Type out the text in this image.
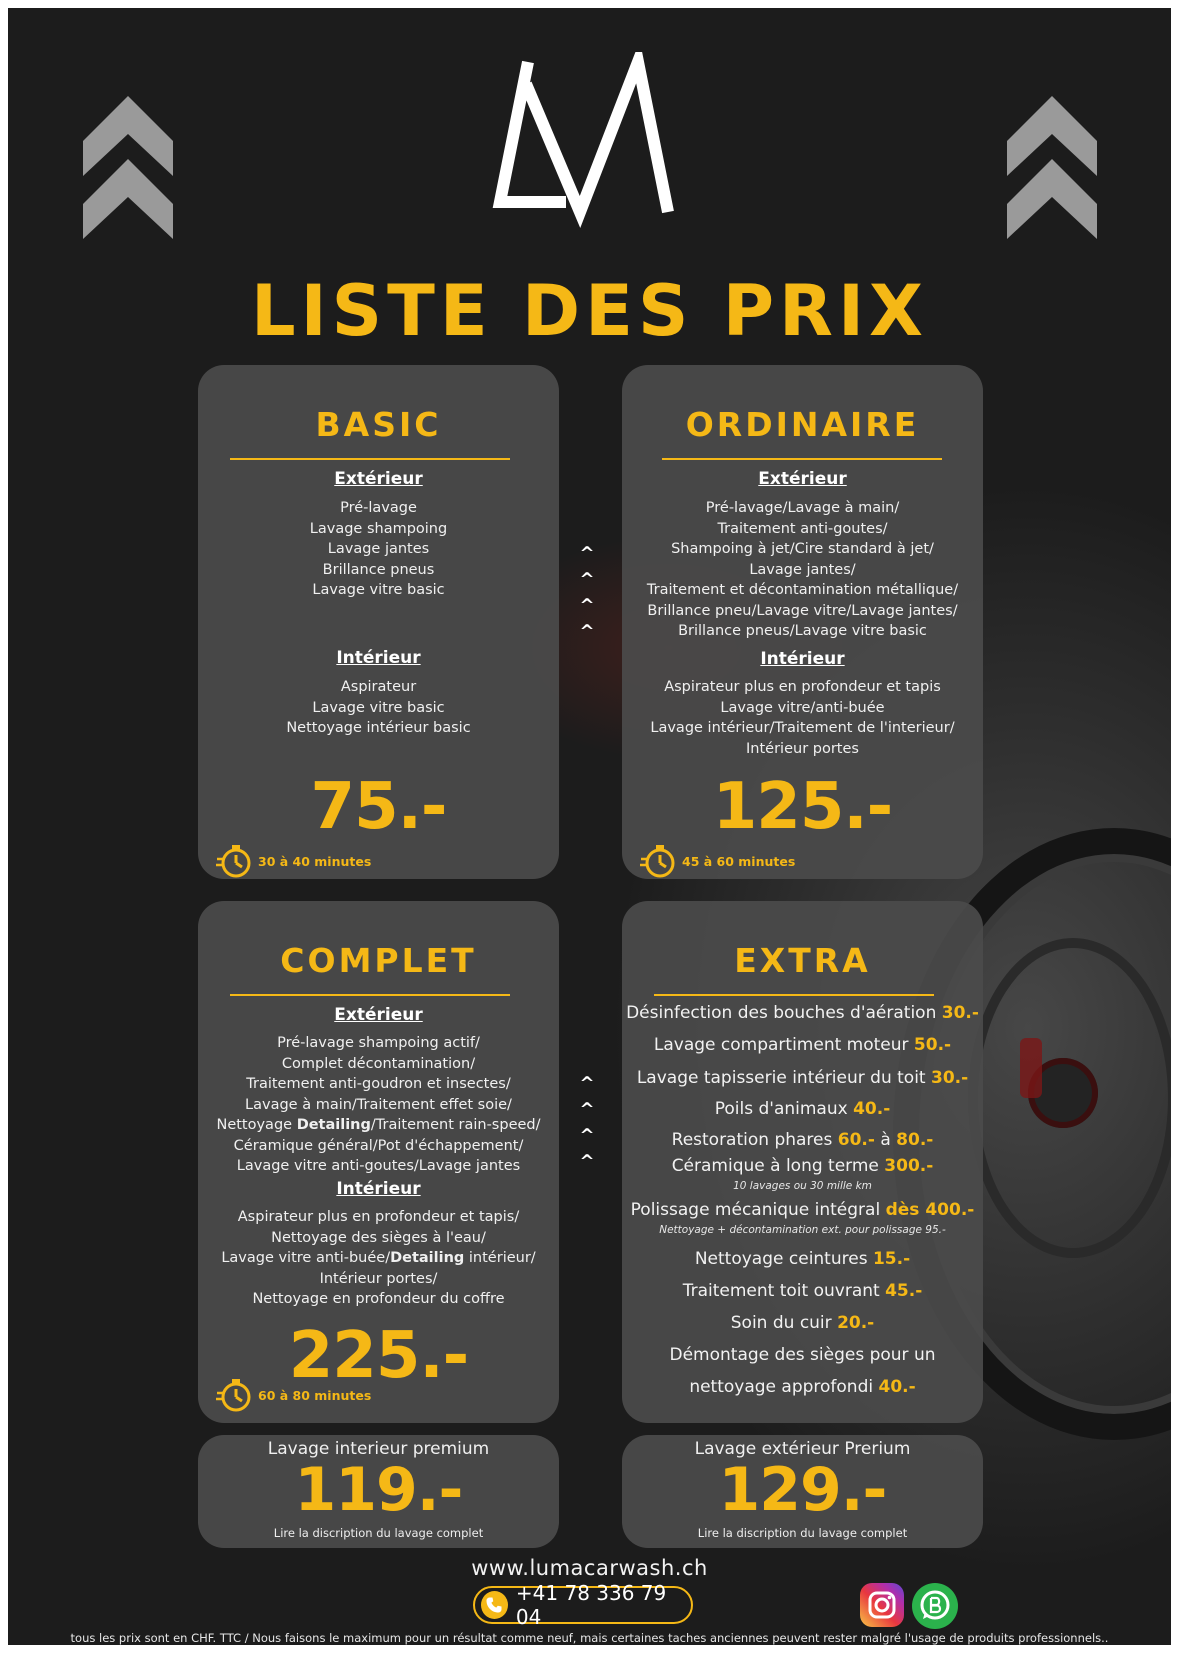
LISTE DES PRIX
BASIC
Extérieur
Pré-lavage
Lavage shampoing
Lavage jantes
Brillance pneus
Lavage vitre basic
Intérieur
Aspirateur
Lavage vitre basic
Nettoyage intérieur basic
75.-
30 à 40 minutes
ORDINAIRE
Extérieur
Pré-lavage/Lavage à main/
Traitement anti-goutes/
Shampoing à jet/Cire standard à jet/
Lavage jantes/
Traitement et décontamination métallique/
Brillance pneu/Lavage vitre/Lavage jantes/
Brillance pneus/Lavage vitre basic
Intérieur
Aspirateur plus en profondeur et tapis
Lavage vitre/anti-buée
Lavage intérieur/Traitement de l'interieur/
Intérieur portes
125.-
45 à 60 minutes
^
^
^
^
COMPLET
Extérieur
Pré-lavage shampoing actif/
Complet décontamination/
Traitement anti-goudron et insectes/
Lavage à main/Traitement effet soie/
Nettoyage Detailing/Traitement rain-speed/
Céramique général/Pot d'échappement/
Lavage vitre anti-goutes/Lavage jantes
Intérieur
Aspirateur plus en profondeur et tapis/
Nettoyage des sièges à l'eau/
Lavage vitre anti-buée/Detailing intérieur/
Intérieur portes/
Nettoyage en profondeur du coffre
225.-
60 à 80 minutes
^
^
^
^
EXTRA
Désinfection des bouches d'aération 30.-
Lavage compartiment moteur 50.-
Lavage tapisserie intérieur du toit 30.-
Poils d'animaux 40.-
Restoration phares 60.- à 80.-
Céramique à long terme 300.-
10 lavages ou 30 mille km
Polissage mécanique intégral dès 400.-
Nettoyage + décontamination ext. pour polissage 95.-
Nettoyage ceintures 15.-
Traitement toit ouvrant 45.-
Soin du cuir 20.-
Démontage des sièges pour un
nettoyage approfondi 40.-
Lavage interieur premium
119.-
Lire la discription du lavage complet
Lavage extérieur Prerium
129.-
Lire la discription du lavage complet
www.lumacarwash.ch
+41 78 336 79 04
tous les prix sont en CHF. TTC / Nous faisons le maximum pour un résultat comme neuf, mais certaines taches anciennes peuvent rester malgré l'usage de produits professionnels..
